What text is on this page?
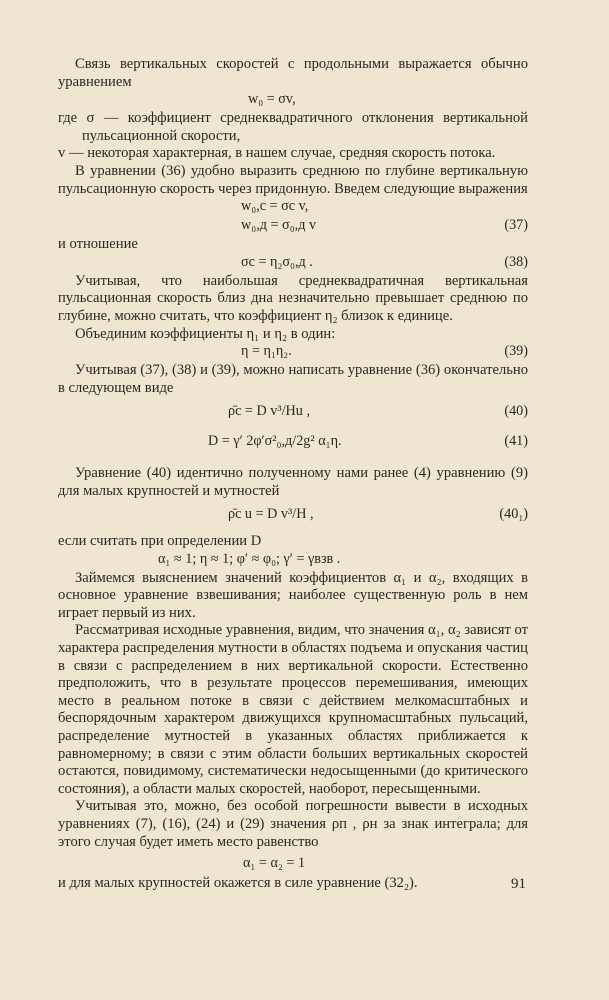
Связь вертикальных скоростей с продольными выражается обычно уравнением

w₀ = σv,

где σ — коэффициент среднеквадратичного отклонения вертикальной пульсационной скорости,

v — некоторая характерная, в нашем случае, средняя скорость потока.

В уравнении (36) удобно выразить среднюю по глубине вертикальную пульсационную скорость через придонную. Введем следующие выражения

w₀,с = σс v,
w₀,д = σ₀,д v	(37)

и отношение

σс = η₂σ₀,д .	(38)

Учитывая, что наибольшая среднеквадратичная вертикальная пульсационная скорость близ дна незначительно превышает среднюю по глубине, можно считать, что коэффициент η₂ близок к единице.

Объединим коэффициенты η₁ и η₂ в один:

η = η₁η₂.	(39)

Учитывая (37), (38) и (39), можно написать уравнение (36) окончательно в следующем виде

ρ̄с = D v³/Hu ,	(40)
D = γ′ 2φ′σ²₀,д/2g² α₁η.	(41)

Уравнение (40) идентично полученному нами ранее (4) уравнению (9) для малых крупностей и мутностей

ρ̄с u = D v³/H ,	(40₁)

если считать при определении D

α₁ ≈ 1; η ≈ 1; φ′ ≈ φ₀; γ′ = γвзв .

Займемся выяснением значений коэффициентов α₁ и α₂, входящих в основное уравнение взвешивания; наиболее существенную роль в нем играет первый из них.

Рассматривая исходные уравнения, видим, что значения α₁, α₂ зависят от характера распределения мутности в областях подъема и опускания частиц в связи с распределением в них вертикальной скорости. Естественно предположить, что в результате процессов перемешивания, имеющих место в реальном потоке в связи с действием мелкомасштабных и беспорядочным характером движущихся крупномасштабных пульсаций, распределение мутностей в указанных областях приближается к равномерному; в связи с этим области больших вертикальных скоростей остаются, повидимому, систематически недосыщенными (до критического состояния), а области малых скоростей, наоборот, пересыщенными.

Учитывая это, можно, без особой погрешности вывести в исходных уравнениях (7), (16), (24) и (29) значения ρп , ρн за знак интеграла; для этого случая будет иметь место равенство

α₁ = α₂ = 1

и для малых крупностей окажется в силе уравнение (32₂).	91
